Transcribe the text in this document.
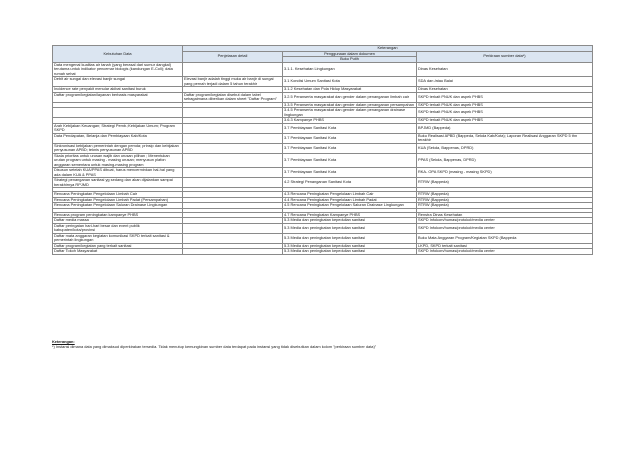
Kebutuhan Data	Keterangan		
	Penjelasan detail	Penggunaan dalam dokumen	Perkiraan sumber data*)
		Buku Putih	
Data mengenai kualitas air tanah (yang berasal dari sumur dangkal) terutama untuk indikator pencemar biologis (kandungan E-Coli); data rumah sehat		3.1.1. Kesehatan Lingkungan	Dinas Kesehatan
Debit air sungai dan elevasi banjir sungai	Elevasi banjir adalah tinggi muka air banjir di sungai yang pernah terjadi dalam 5 tahun terakhir	3.1 Kondisi Umum Sanitasi Kota	SDA dan /atau Balai
Incidence rate penyakit menular akibat sanitasi buruk		3.1.2 Kesehatan dan Pola Hidup Masyarakat	Dinas Kesehatan
Daftar program/kegiatan/layanan berbasis masyarakat	Daftar program/kegiatan disebut dalam tabel sebagaimana diberikan dalam sheet "Daftar Program"	3.2.5 Peranserta masyarakat dan gender dalam penanganan limbah cair	SKPD terkait PNUK dan aspek PHBS
		3.3.5 Peranserta masyarakat dan gender dalam penanganan persampahan	SKPD terkait PNUK dan aspek PHBS
		3.4.5 Peranserta masyarakat dan gender dalam penanganan drainase lingkungan	SKPD terkait PNUK dan aspek PHBS
		3.6.3 Kampanye PHBS	SKPD terkait PNUK dan aspek PHBS
Arah Kebijakan Keuangan; Strategi Pemb.;Kebijakan Umum; Program SKPD		3.7 Pembiayaan Sanitasi Kota	BPJMD (Bappeda)
Data Pendapatan, Belanja dan Pembiayaan Kab/Kota		3.7 Pembiayaan Sanitasi Kota	Buku Realisasi APBD (Bappeda, Sekda Kab/Kota); Laporan Realisasi Anggaran SKPD 5 thn terakhir
Sinkronisasi kebijakan pemerintah dengan pemda; prinsip dan kebijakan penyusunan APBD; teknis penyusunan APBD		3.7 Pembiayaan Sanitasi Kota	KUA (Sekda, Bappenas, DPRD)
Skala prioritas untuk urusan wajib dan urusan pilihan ; Menentukan urutan program untuk masing - masing urusan; menyusun plafon anggaran sementara untuk masing-masing program		3.7 Pembiayaan Sanitasi Kota	PPAS (Sekda, Bappenas, DPRD)
Disusun setelah KUA/PPAS dibuat, harus mencerminkan hal-hal yang ada dalam KUA & PPAS		3.7 Pembiayaan Sanitasi Kota	RKA- OPA SKPD (masing - masing SKPD)
Strategi penanganan sanitasi yg sedang dan akan dijalankan sampai berakhirnya RPJMD		4.2 Strategi Penanganan Sanitasi Kota	RTRW (Bappeda)

Rencana Peningkatan Pengelolaan Limbah Cair		4.3 Rencana Peningkatan Pengelolaan Limbah Cair	RTRW (Bappeda)
Rencana Peningkatan Pengelolaan Limbah Padat (Persampahan)		4.4 Rencana Peningkatan Pengelolaan Limbah Padat	RTRW (Bappeda)
Rencana Peningkatan Pengelolaan Saluran Drainase Lingkungan		4.5 Rencana Peningkatan Pengelolaan Saluran Drainase Lingkungan	RTRW (Bappeda)

Rencana program peningkatan kampanye PHBS		4.7 Rencana Peningkatan Kampanye PHBS	Renstra Dinas Kesehatan
Daftar media massa		5.3 Media dan peningkatan kepedulian sanitasi	SKPD Infokom/humas/protokol/media center
Daftar peringatan hari-hari besar dan event publik kabupaten/kota/provinsi		5.3 Media dan peningkatan kepedulian sanitasi	SKPD Infokom/humas/protokol/media center
Daftar mata anggaran kegiatan komunikasi SKPD terkait sanitasi & pemerintah lingkungan		5.3 Media dan peningkatan kepedulian sanitasi	Buku Mata Anggaran Program/Kegiatan SKPD (Bappeda
Daftar program/kegiatan yang terkait sanitasi		5.3 Media dan peningkatan kepedulian sanitasi	LKPD, SKPD terkait sanitasi
Daftar Tokoh Masyarakat		5.3 Media dan peningkatan kepedulian sanitasi	SKPD Infokom/humas/protokol/media center
Keterangan:
*) Instansi dimana data yang dimaksud diperkirakan tersedia. Tidak menutup kemungkinan sumber data terdapat pada instansi yang tidak disebutkan dalam kolom "perkiraan sumber data)"
